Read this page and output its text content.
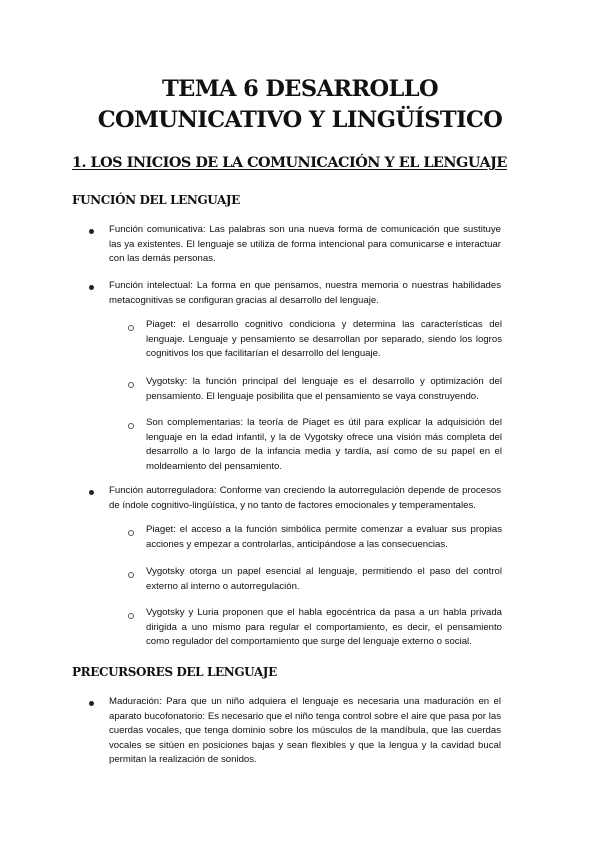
TEMA 6 DESARROLLO COMUNICATIVO Y LINGÜÍSTICO
1. LOS INICIOS DE LA COMUNICACIÓN Y EL LENGUAJE
FUNCIÓN DEL LENGUAJE
Función comunicativa: Las palabras son una nueva forma de comunicación que sustituye las ya existentes. El lenguaje se utiliza de forma intencional para comunicarse e interactuar con las demás personas.
Función intelectual: La forma en que pensamos, nuestra memoria o nuestras habilidades metacognitivas se configuran gracias al desarrollo del lenguaje.
Piaget: el desarrollo cognitivo condiciona y determina las características del lenguaje. Lenguaje y pensamiento se desarrollan por separado, siendo los logros cognitivos los que facilitarían el desarrollo del lenguaje.
Vygotsky: la función principal del lenguaje es el desarrollo y optimización del pensamiento. El lenguaje posibilita que el pensamiento se vaya construyendo.
Son complementarias: la teoría de Piaget es útil para explicar la adquisición del lenguaje en la edad infantil, y la de Vygotsky ofrece una visión más completa del desarrollo a lo largo de la infancia media y tardía, así como de su papel en el moldeamiento del pensamiento.
Función autorreguladora: Conforme van creciendo la autorregulación depende de procesos de índole cognitivo-lingüística, y no tanto de factores emocionales y temperamentales.
Piaget: el acceso a la función simbólica permite comenzar a evaluar sus propias acciones y empezar a controlarlas, anticipándose a las consecuencias.
Vygotsky otorga un papel esencial al lenguaje, permitiendo el paso del control externo al interno o autorregulación.
Vygotsky y Luria proponen que el habla egocéntrica da pasa a un habla privada dirigida a uno mismo para regular el comportamiento, es decir, el pensamiento como regulador del comportamiento que surge del lenguaje externo o social.
PRECURSORES DEL LENGUAJE
Maduración: Para que un niño adquiera el lenguaje es necesaria una maduración en el aparato bucofonatorio: Es necesario que el niño tenga control sobre el aire que pasa por las cuerdas vocales, que tenga dominio sobre los músculos de la mandíbula, que las cuerdas vocales se sitúen en posiciones bajas y sean flexibles y que la lengua y la cavidad bucal permitan la realización de sonidos.
